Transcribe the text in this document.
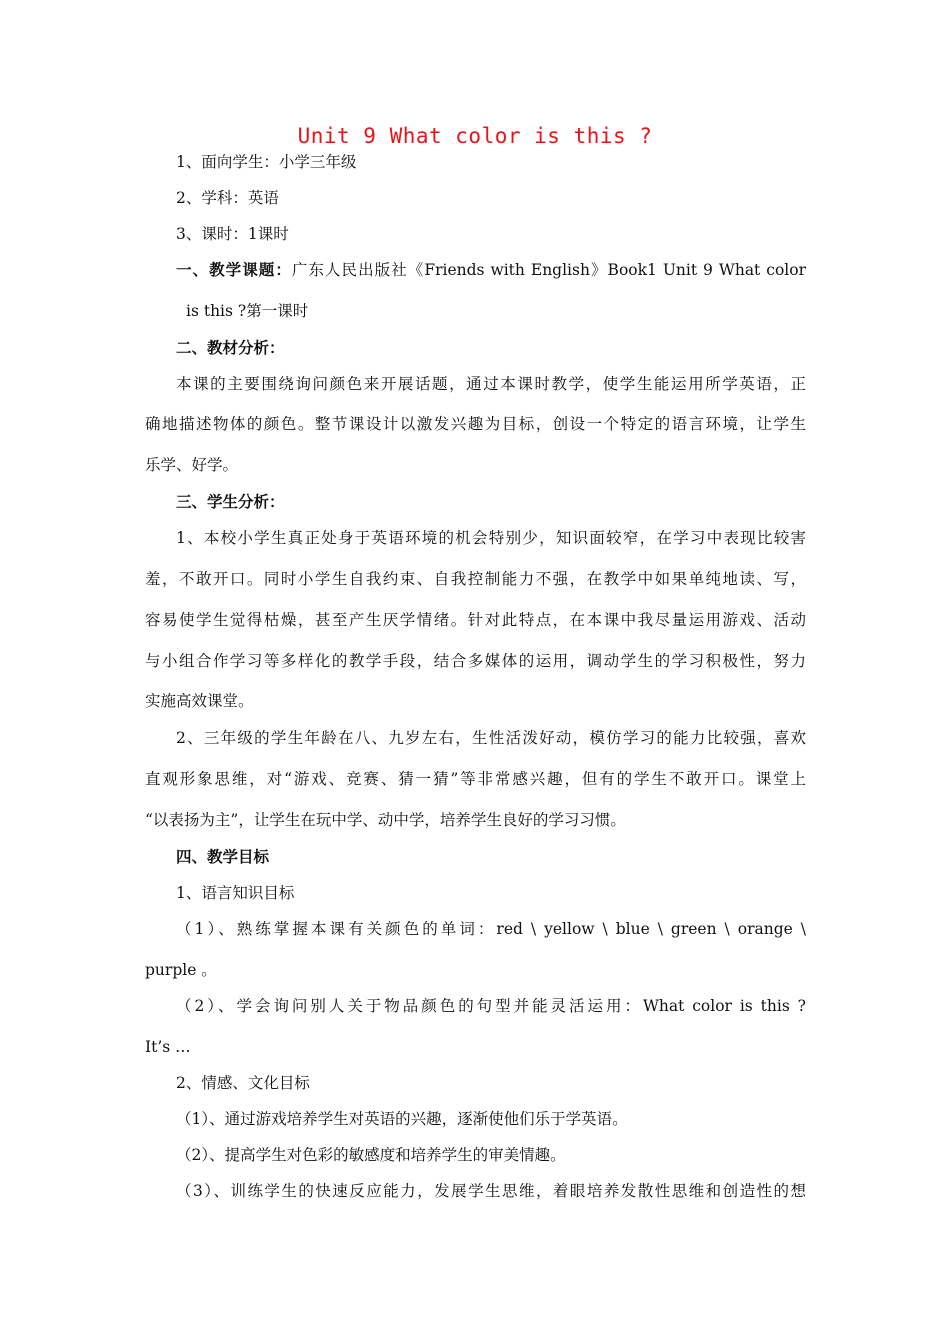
Unit 9 What color is this ?
1、面向学生：小学三年级
2、学科：英语
3、课时：1课时
一、教学课题：广东人民出版社《Friends with English》Book1 Unit 9 What color
is this ?第一课时
二、教材分析：
本课的主要围绕询问颜色来开展话题，通过本课时教学，使学生能运用所学英语，正
确地描述物体的颜色。整节课设计以激发兴趣为目标，创设一个特定的语言环境，让学生
乐学、好学。
三、学生分析：
1、本校小学生真正处身于英语环境的机会特别少，知识面较窄，在学习中表现比较害
羞，不敢开口。同时小学生自我约束、自我控制能力不强，在教学中如果单纯地读、写，
容易使学生觉得枯燥，甚至产生厌学情绪。针对此特点，在本课中我尽量运用游戏、活动
与小组合作学习等多样化的教学手段，结合多媒体的运用，调动学生的学习积极性，努力
实施高效课堂。
2、三年级的学生年龄在八、九岁左右，生性活泼好动，模仿学习的能力比较强，喜欢
直观形象思维，对“游戏、竞赛、猜一猜”等非常感兴趣，但有的学生不敢开口。课堂上
“以表扬为主”，让学生在玩中学、动中学，培养学生良好的学习习惯。
四、教学目标
1、语言知识目标
（1）、熟练掌握本课有关颜色的单词：red \ yellow \ blue \ green \ orange \
purple 。
（2）、学会询问别人关于物品颜色的句型并能灵活运用：What color is this ?
It’s …
2、情感、文化目标
（1）、通过游戏培养学生对英语的兴趣，逐渐使他们乐于学英语。
（2）、提高学生对色彩的敏感度和培养学生的审美情趣。
（3）、训练学生的快速反应能力，发展学生思维，着眼培养发散性思维和创造性的想
